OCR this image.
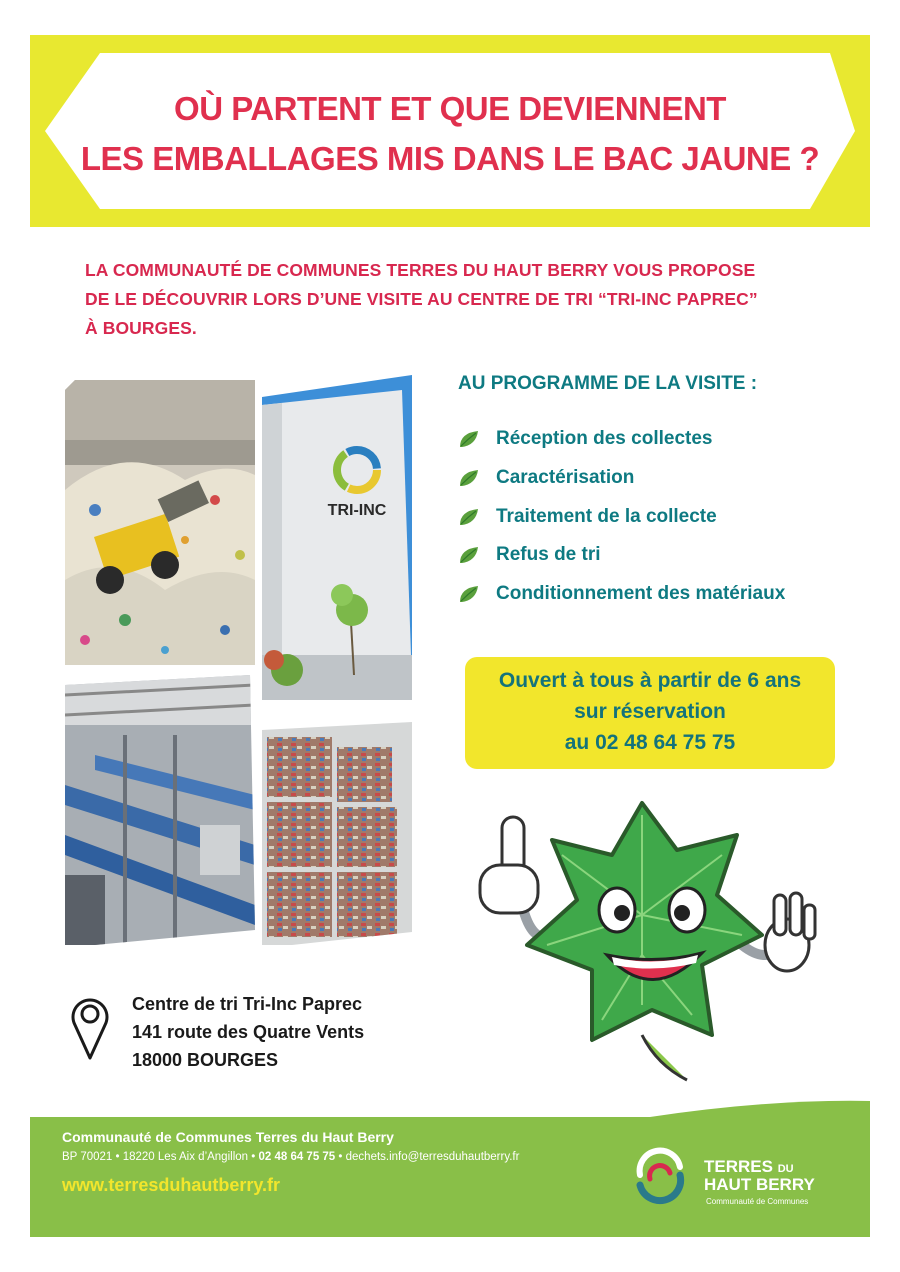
OÙ PARTENT ET QUE DEVIENNENT
LES EMBALLAGES MIS DANS LE BAC JAUNE ?
LA COMMUNAUTÉ DE COMMUNES TERRES DU HAUT BERRY VOUS PROPOSE
DE LE DÉCOUVRIR LORS D’UNE VISITE AU CENTRE DE TRI “TRI-INC PAPREC”
À BOURGES.
TRI-INC
AU PROGRAMME DE LA VISITE :
Réception des collectes
Caractérisation
Traitement de la collecte
Refus de tri
Conditionnement des matériaux
Ouvert à tous à partir de 6 ans
sur réservation
au 02 48 64 75 75
Centre de tri Tri-Inc Paprec
141 route des Quatre Vents
18000 BOURGES
Communauté de Communes Terres du Haut Berry
BP 70021 • 18220 Les Aix d’Angillon • 02 48 64 75 75 • dechets.info@terresduhautberry.fr
www.terresduhautberry.fr
TERRES DU
HAUT BERRY
Communauté de Communes
